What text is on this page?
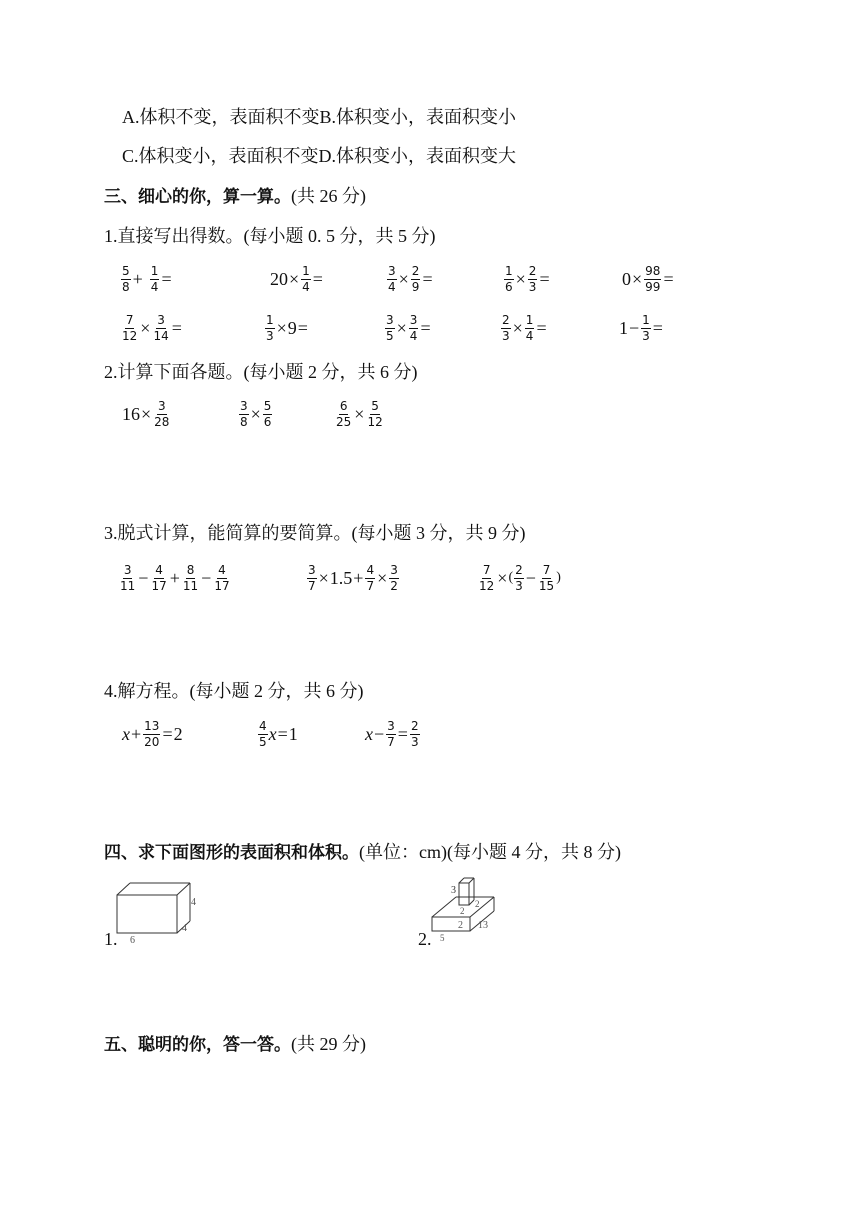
A.体积不变，表面积不变B.体积变小，表面积变小
C.体积变小，表面积不变D.体积变小，表面积变大
三、细心的你，算一算。(共 26 分)
1.直接写出得数。(每小题 0. 5 分，共 5 分)
5
$8 + \frac{1}{4}$ =	$20 \times \frac{1}{4}$ =	$\frac{3}{4} \times \frac{2}{9}$ =	$\frac{1}{6} \times \frac{2}{3}$ =	$0 \times \frac{98}{99}$ =
$\frac{7}{12} \times \frac{3}{14}$ =	$\frac{1}{3} \times 9$ =	$\frac{3}{5} \times \frac{3}{4}$ =	$\frac{2}{3} \times \frac{1}{4}$ =	$1 - \frac{1}{3}$ =
2.计算下面各题。(每小题 2 分，共 6 分)
$16 \times \frac{3}{28}$	$\frac{3}{8} \times \frac{5}{6}$	$\frac{6}{25} \times \frac{5}{12}$
3.脱式计算，能简算的要简算。(每小题 3 分，共 9 分)
3
$11 - \frac{4}{17} + \frac{8}{11} - \frac{4}{17}$	$\frac{3}{7} \times 1.5 + \frac{4}{7} \times \frac{3}{2}$	$\frac{7}{12}$ × (
2
$3 - \frac{7}{15}$ )
4.解方程。(每小题 2 分，共 6 分)
$x + \frac{13}{20} = 2$	4
5 x = 1	$x - \frac{3}{7} = \frac{2}{3}$
四、求下面图形的表面积和体积。(单位：cm)(每小题 4 分，共 8 分)
1.
4
4
6	2.
3
2
2
2
5
13
五、聪明的你，答一答。(共 29 分)
